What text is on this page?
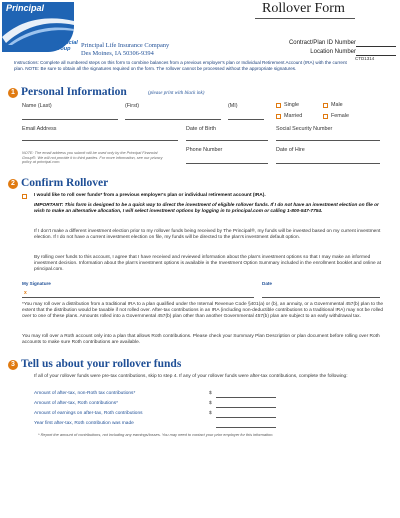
Principal
Financial
Group	Principal Life Insurance Company
Des Moines, IA 50306-9394
Rollover Form
Contract/Plan ID Number
Location Number
CTD1314
Instructions: Complete all numbered steps on this form to combine balances from a previous employer's plan or Individual Retirement Account (IRA) with the current plan. NOTE: Be sure to obtain all the signatures required on the form. The rollover cannot be processed without the appropriate signatures.
1 Personal Information	(please print with black ink)
Name (Last)	(First)	(MI)	Single	Male
Married	Female
Email Address	Date of Birth	Social Security Number
NOTE: The email address you submit will be used only by the Principal Financial Group®. We will not provide it to third parties. For more information, see our privacy policy at principal.com.
Phone Number	Date of Hire
2 Confirm Rollover
I would like to roll over funds* from a previous employer's plan or individual retirement account (IRA).
IMPORTANT: This form is designed to be a quick way to direct the investment of eligible rollover funds. If I do not have an investment election on file or wish to make an alternative allocation, I will select investment options by logging in to principal.com or calling 1-800-547-7754.
If I don't make a different investment election prior to my rollover funds being received by The Principal®, my funds will be invested based on my current investment election. If I do not have a current investment election on file, my funds will be directed to the plan's investment default option.
By rolling over funds to this account, I agree that I have received and reviewed information about the plan's investment options so that I may make an informed investment decision. Information about the plan's investment options is available in the Investment Option Summary included in the enrollment booklet and online at principal.com.
My Signature	Date
x
*You may roll over a distribution from a traditional IRA to a plan qualified under the Internal Revenue Code §401(a) or (b), an annuity, or a Governmental 457(b) plan to the extent that the distribution would be taxable if not rolled over. After-tax contributions in an IRA (including non-deductible contributions to a traditional IRA) may not be rolled over to one of these plans. Amounts rolled into a Governmental 457(b) plan other than another Governmental 457(b) plan are subject to an early withdrawal tax.
You may roll over a Roth account only into a plan that allows Roth contributions. Please check your Summary Plan Description or plan document before rolling over Roth accounts to make sure Roth contributions are available.
3 Tell us about your rollover funds
If all of your rollover funds were pre-tax contributions, skip to step 4. If any of your rollover funds were after-tax contributions, complete the following:
Amount of after-tax, non-Roth tax contributions*	$
Amount of after-tax, Roth contributions*	$
Amount of earnings on after-tax, Roth contributions	$
Year first after-tax, Roth contribution was made
* Report the amount of contributions, not including any earnings/losses. You may need to contact your prior employer for this information.
